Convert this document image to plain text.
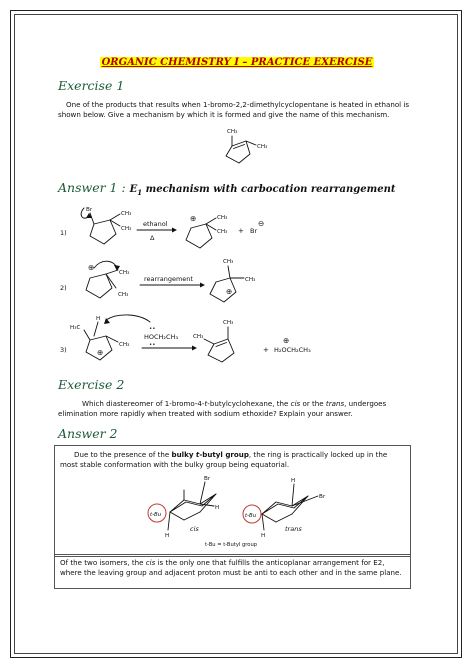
ORGANIC CHEMISTRY I – PRACTICE EXERCISE
Exercise 1
One of the products that results when 1-bromo-2,2-dimethylcyclopentane is heated in ethanol is shown below. Give a mechanism by which it is formed and give the name of this mechanism.
Answer 1 : $E_1$ mechanism with carbocation rearrangement
Exercise 2
Which diastereomer of 1-bromo-4-t-butylcyclohexane, the cis or the trans, undergoes elimination more rapidly when treated with sodium ethoxide? Explain your answer.
Answer 2
Due to the presence of the bulky t-butyl group, the ring is practically locked up in the most stable conformation with the bulky group being equatorial.
Of the two isomers, the cis is the only one that fulfills the anticoplanar arrangement for E2, where the leaving group and adjacent proton must be anti to each other and in the same plane.
CH₃
CH₃
1)
Br
CH₃
CH₃
ethanol
Δ
⊕	CH₃
CH₃ + Br
⊖
2)
⊕
CH₃
CH₃
rearrangement
CH₃
CH₃
⊕
3)
H₃C
H
CH₃
⊕
••
HOCH₂CH₃
••
CH₃
CH₃
+
⊕
H₂OCH₂CH₃
t-Bu
Br
H
H
cis
t-Bu
H
Br
H
trans
t-Bu = t-Butyl group
